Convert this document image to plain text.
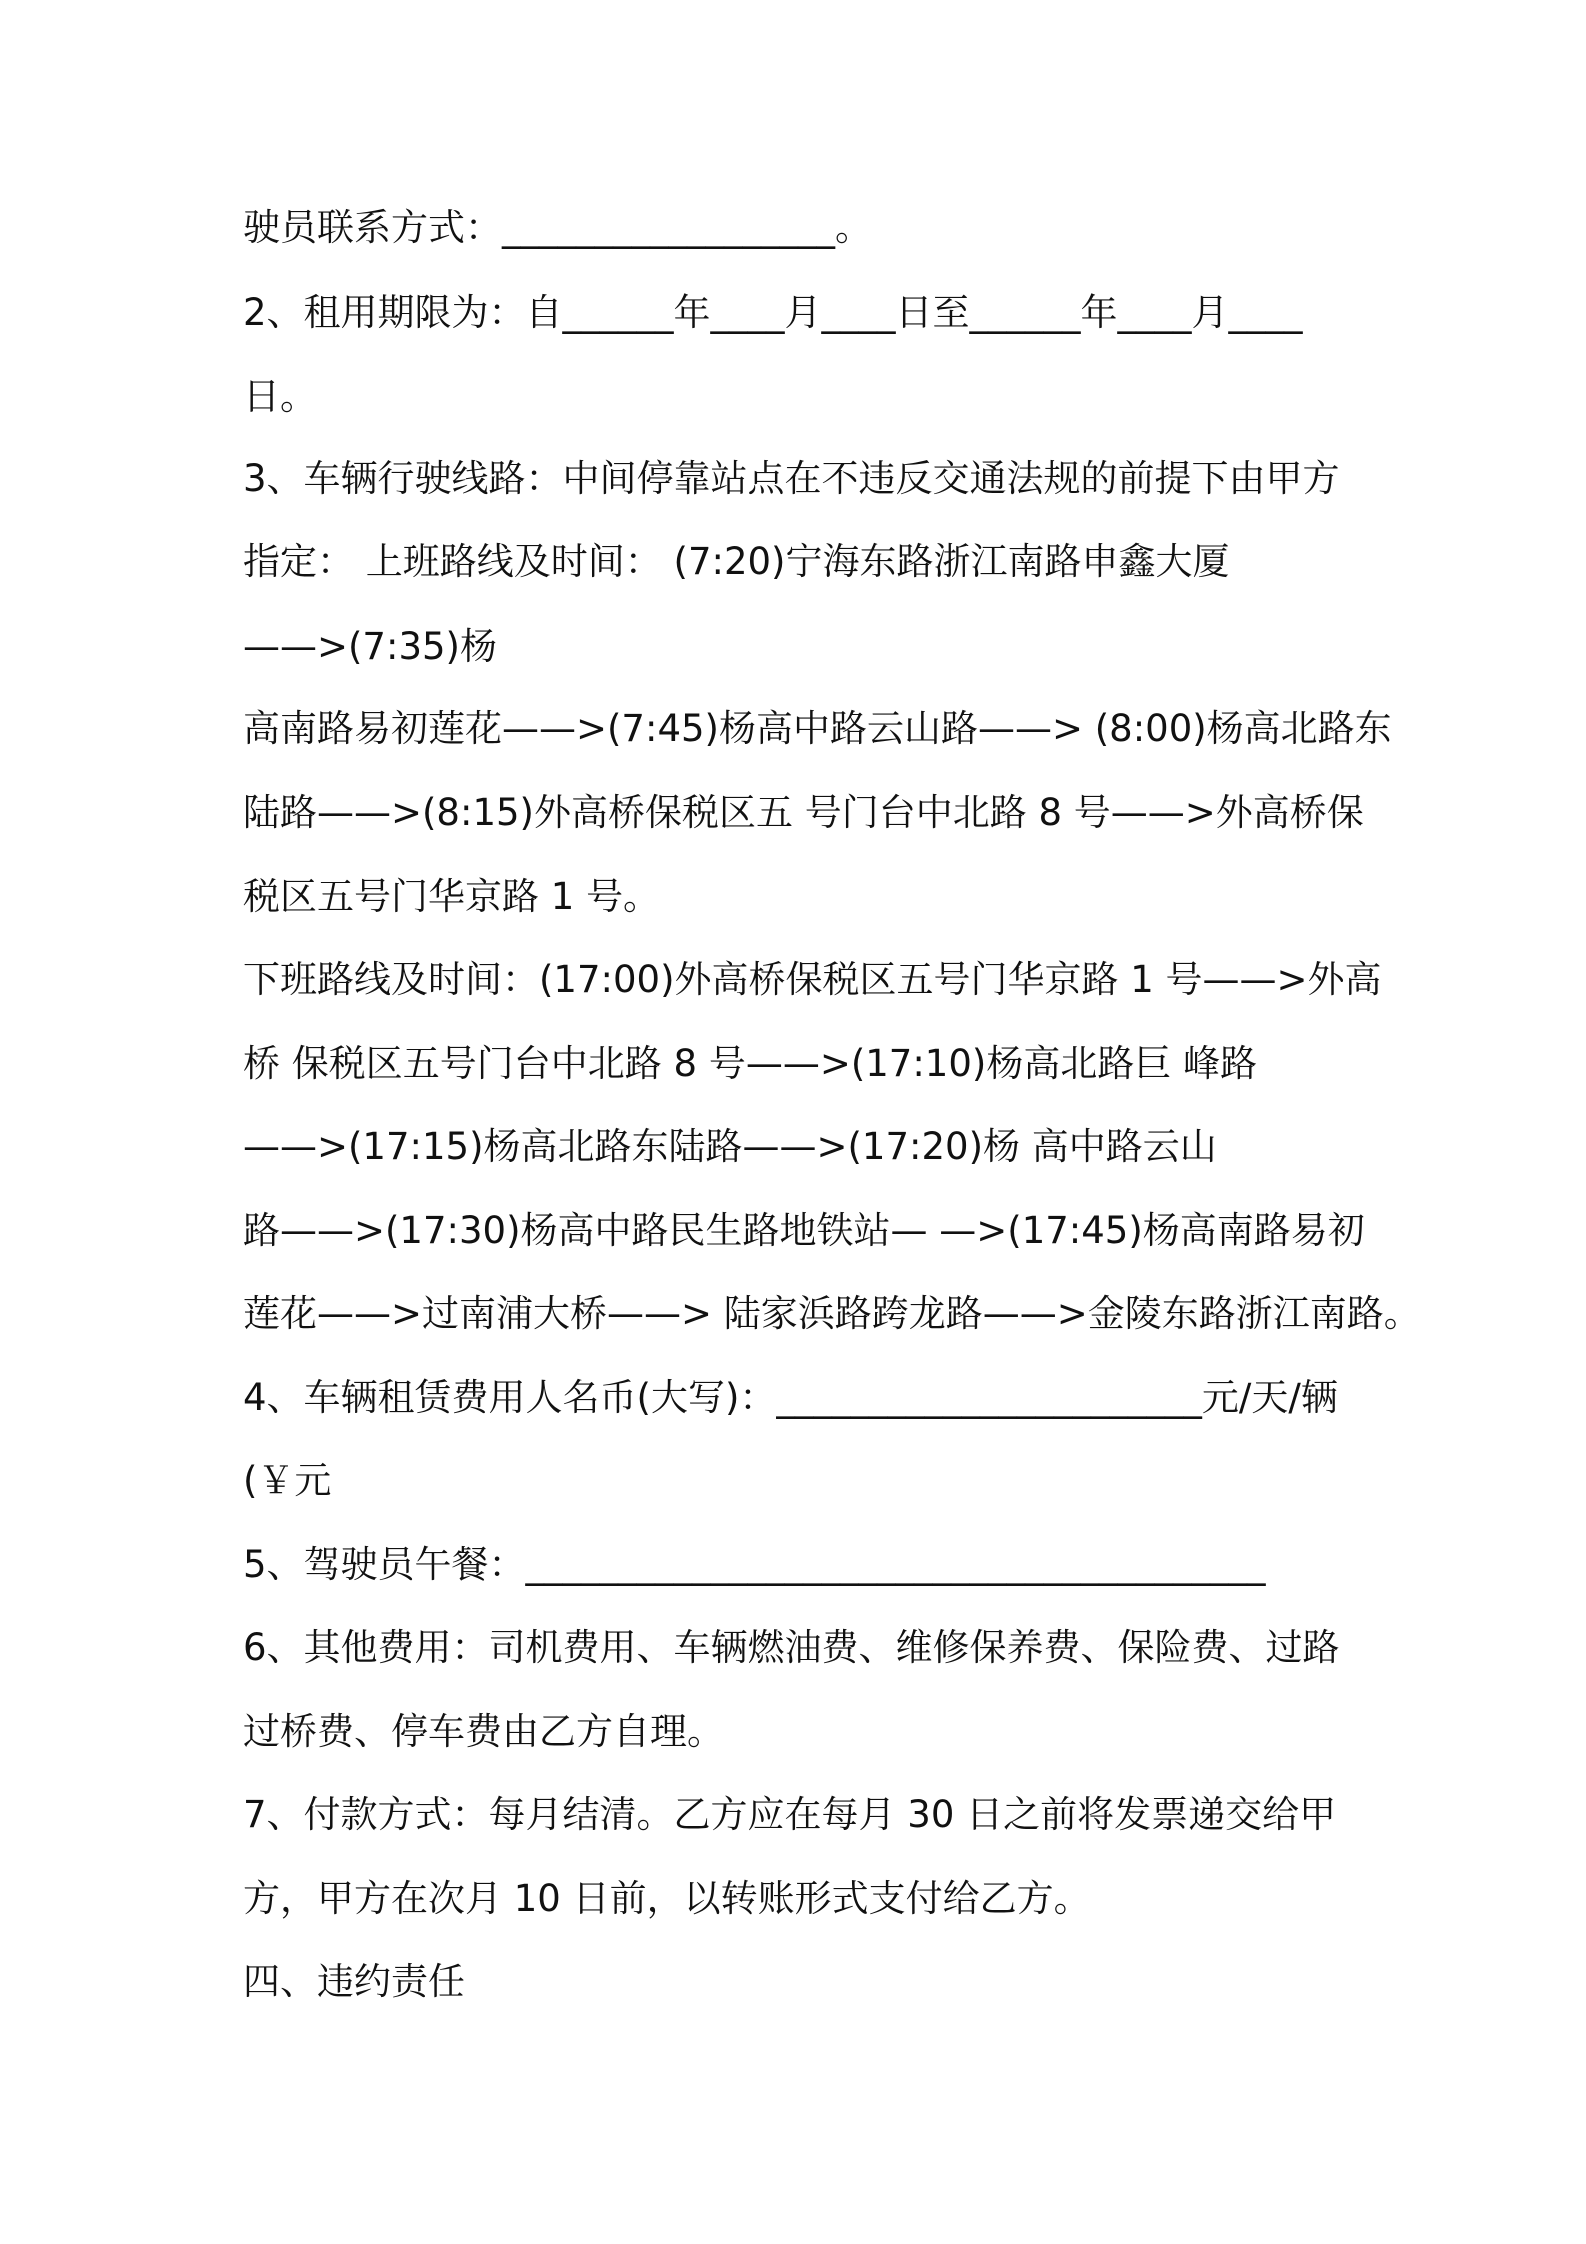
驶员联系方式：__________________。
2、租用期限为：自______年____月____日至______年____月____
日。
3、车辆行驶线路：中间停靠站点在不违反交通法规的前提下由甲方
指定： 上班路线及时间： (7:20)宁海东路浙江南路申鑫大厦
——>(7:35)杨
高南路易初莲花——>(7:45)杨高中路云山路——> (8:00)杨高北路东
陆路——>(8:15)外高桥保税区五 号门台中北路 8 号——>外高桥保
税区五号门华京路 1 号。
下班路线及时间：(17:00)外高桥保税区五号门华京路 1 号——>外高
桥 保税区五号门台中北路 8 号——>(17:10)杨高北路巨 峰路
——>(17:15)杨高北路东陆路——>(17:20)杨 高中路云山
路——>(17:30)杨高中路民生路地铁站— —>(17:45)杨高南路易初
莲花——>过南浦大桥——> 陆家浜路跨龙路——>金陵东路浙江南路。
4、车辆租赁费用人名币(大写)：_______________________元/天/辆
(￥元
5、驾驶员午餐：________________________________________
6、其他费用：司机费用、车辆燃油费、维修保养费、保险费、过路
过桥费、停车费由乙方自理。
7、付款方式：每月结清。乙方应在每月 30 日之前将发票递交给甲
方，甲方在次月 10 日前，以转账形式支付给乙方。
四、违约责任
